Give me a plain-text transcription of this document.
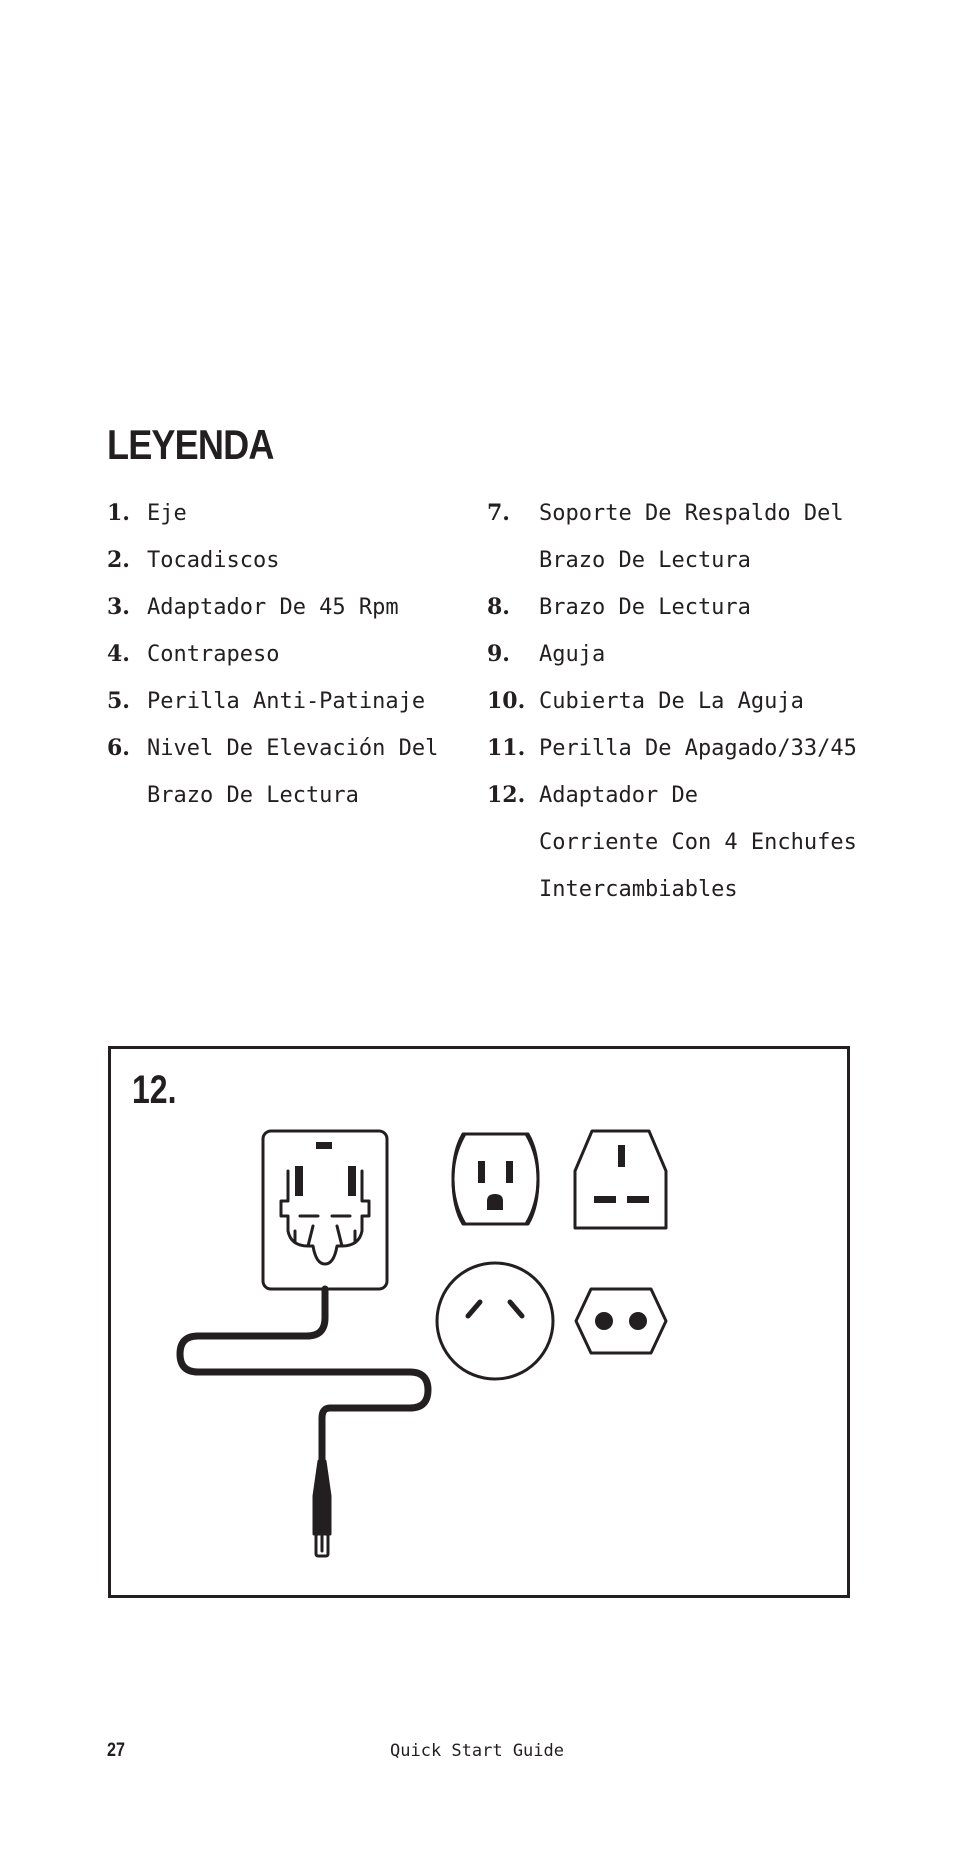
LEYENDA
1. Eje
2. Tocadiscos
3. Adaptador De 45 Rpm
4. Contrapeso
5. Perilla Anti-Patinaje
6. Nivel De Elevación Del
Brazo De Lectura
7.	Soporte De Respaldo Del
Brazo De Lectura
8.	Brazo De Lectura
9.	Aguja
10. Cubierta De La Aguja
11. Perilla De Apagado/33/45
12. Adaptador De
Corriente Con 4 Enchufes
Intercambiables
12.
27	Quick Start Guide
